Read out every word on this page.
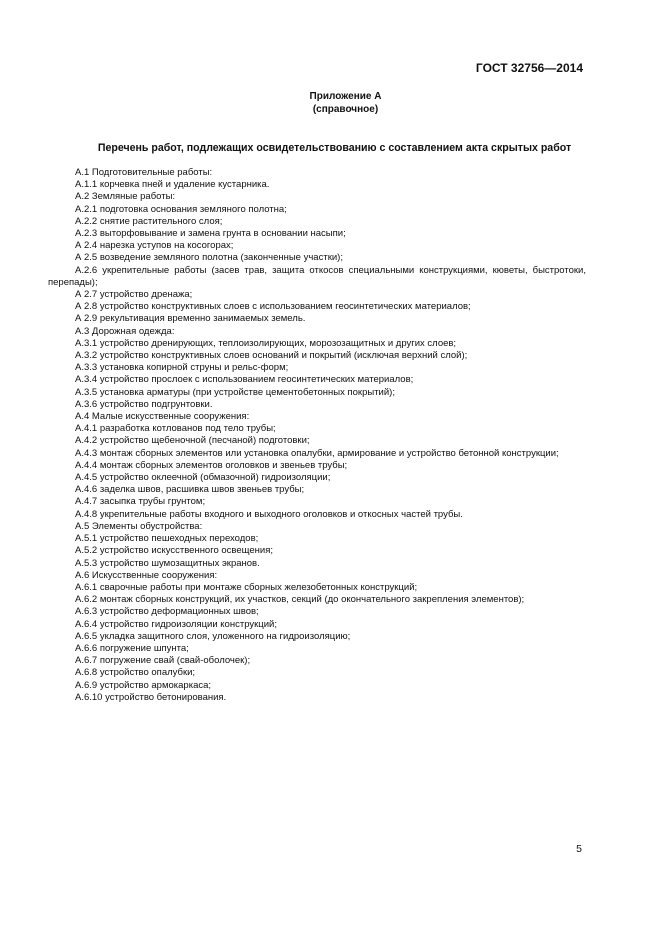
ГОСТ 32756—2014
Приложение А
(справочное)
Перечень работ, подлежащих освидетельствованию с составлением акта скрытых работ
А.1 Подготовительные работы:
А.1.1 корчевка пней и удаление кустарника.
А.2 Земляные работы:
А.2.1 подготовка основания земляного полотна;
А.2.2 снятие растительного слоя;
А.2.3 выторфовывание и замена грунта в основании насыпи;
А 2.4 нарезка уступов на косогорах;
А 2.5 возведение земляного полотна (законченные участки);
А.2.6 укрепительные работы (засев трав, защита откосов специальными конструкциями, кюветы, быстротоки, перепады);
А 2.7 устройство дренажа;
А 2.8 устройство конструктивных слоев с использованием геосинтетических материалов;
А 2.9 рекультивация временно занимаемых земель.
А.3 Дорожная одежда:
А.3.1 устройство дренирующих, теплоизолирующих, морозозащитных и других слоев;
А.3.2 устройство конструктивных слоев оснований и покрытий (исключая верхний слой);
А.3.3 установка копирной струны и рельс-форм;
А.3.4 устройство прослоек с использованием геосинтетических материалов;
А.3.5 установка арматуры (при устройстве цементобетонных покрытий);
А.3.6 устройство подгрунтовки.
А.4 Малые искусственные сооружения:
А.4.1 разработка котлованов под тело трубы;
А.4.2 устройство щебеночной (песчаной) подготовки;
А.4.3 монтаж сборных элементов или установка опалубки, армирование и устройство бетонной конструкции;
А.4.4 монтаж сборных элементов оголовков и звеньев трубы;
А.4.5 устройство оклеечной (обмазочной) гидроизоляции;
А.4.6 заделка швов, расшивка швов звеньев трубы;
А.4.7 засыпка трубы грунтом;
А.4.8 укрепительные работы входного и выходного оголовков и откосных частей трубы.
А.5 Элементы обустройства:
А.5.1 устройство пешеходных переходов;
А.5.2 устройство искусственного освещения;
А.5.3 устройство шумозащитных экранов.
А.6 Искусственные сооружения:
А.6.1 сварочные работы при монтаже сборных железобетонных конструкций;
А.6.2 монтаж сборных конструкций, их участков, секций (до окончательного закрепления элементов);
А.6.3 устройство деформационных швов;
А.6.4 устройство гидроизоляции конструкций;
А.6.5 укладка защитного слоя, уложенного на гидроизоляцию;
А.6.6 погружение шпунта;
А.6.7 погружение свай (свай-оболочек);
А.6.8 устройство опалубки;
А.6.9 устройство армокаркаса;
А.6.10 устройство бетонирования.
5
